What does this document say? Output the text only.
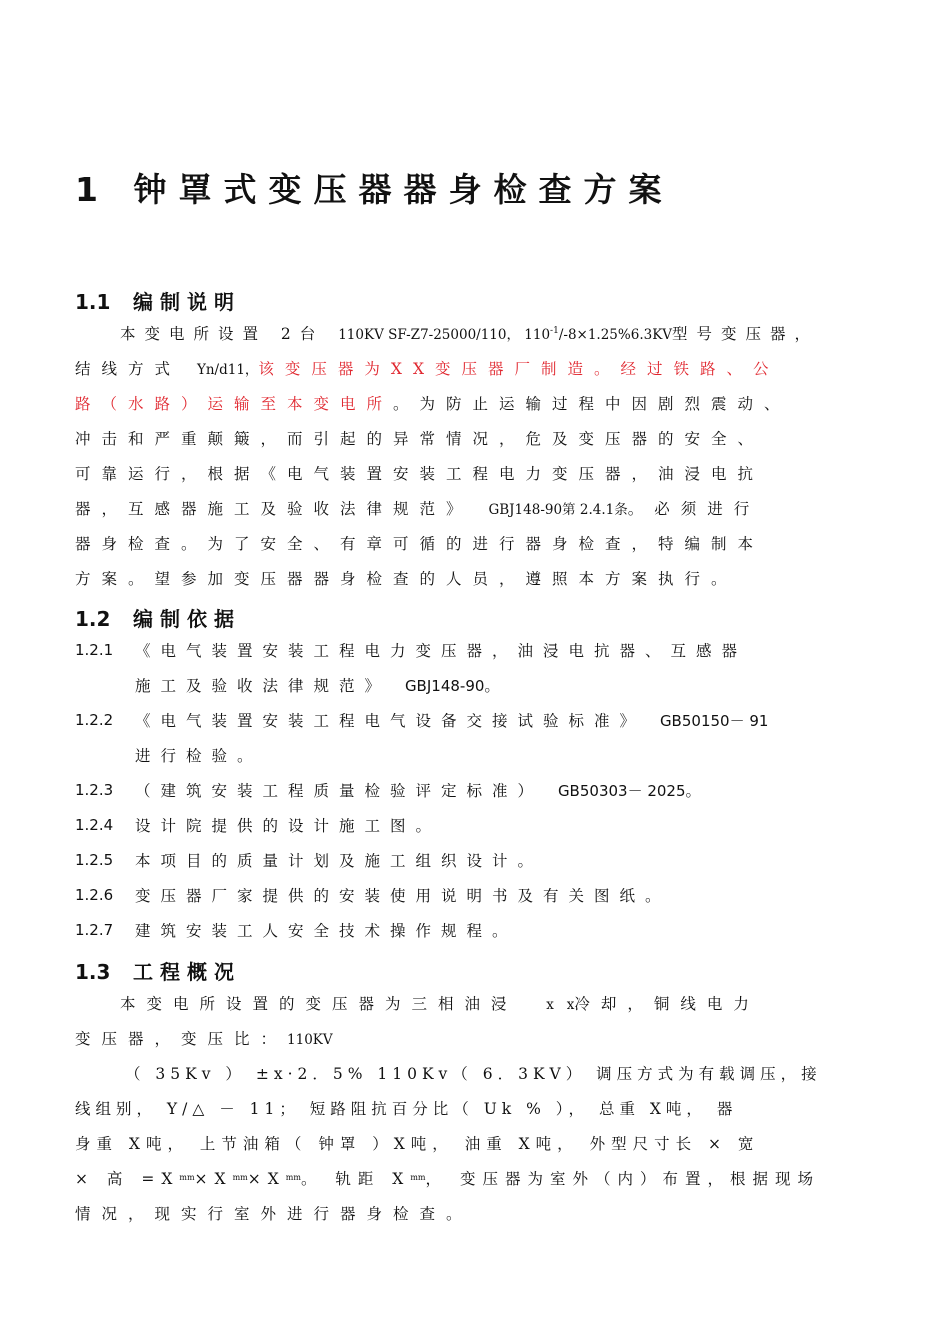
1 钟罩式变压器器身检查方案
1.1 编制说明
本变电所设置 2台 110KV SF-Z7-25000/110， $110^{-1}/-8\times 1.25\%6.3KV$型号变压器，
结线方式 Yn/d11，该变压器为XX变压器厂制造。经过铁路、公
路（水路）运输至本变电所。为防止运输过程中因剧烈震动、
冲击和严重颠簸，而引起的异常情况，危及变压器的安全、
可靠运行，根据《电气装置安装工程电力变压器，油浸电抗
器，互感器施工及验收法律规范》 GBJ148-90第 2.4.1条。必须进行
器身检查。为了安全、有章可循的进行器身检查，特编制本
方案。望参加变压器器身检查的人员，遵照本方案执行。
1.2 编制依据
1.2.1 《电气装置安装工程电力变压器，油浸电抗器、互感器
施工及验收法律规范》 GBJ148-90。
1.2.2 《电气装置安装工程电气设备交接试验标准》 GB50150－ 91
进行检验。
1.2.3 （建筑安装工程质量检验评定标准） GB50303－ 2025。
1.2.4 设计院提供的设计施工图。
1.2.5 本项目的质量计划及施工组织设计。
1.2.6 变压器厂家提供的安装使用说明书及有关图纸。
1.2.7 建筑安装工人安全技术操作规程。
1.3 工程概况
本变电所设置的变压器为三相油浸    x   x冷却，铜线电力
变压器，变压比：110KV
（ 35Kv ） ±x·2．5% 110Kv（ 6．3KV） 调压方式为有载调压，接
线组别， Y/△ － 11； 短路阻抗百分比（ Uk % ）， 总重 X吨， 器
身重 X吨， 上节油箱（ 钟罩 ）X吨， 油重 X吨， 外型尺寸长 × 宽
× 高 $=X^{mm}\times X^{mm}\times X^{mm}$。 轨距 $X^{mm}$， 变压器为室外（内）布置，根据现场
情况，现实行室外进行器身检查。
